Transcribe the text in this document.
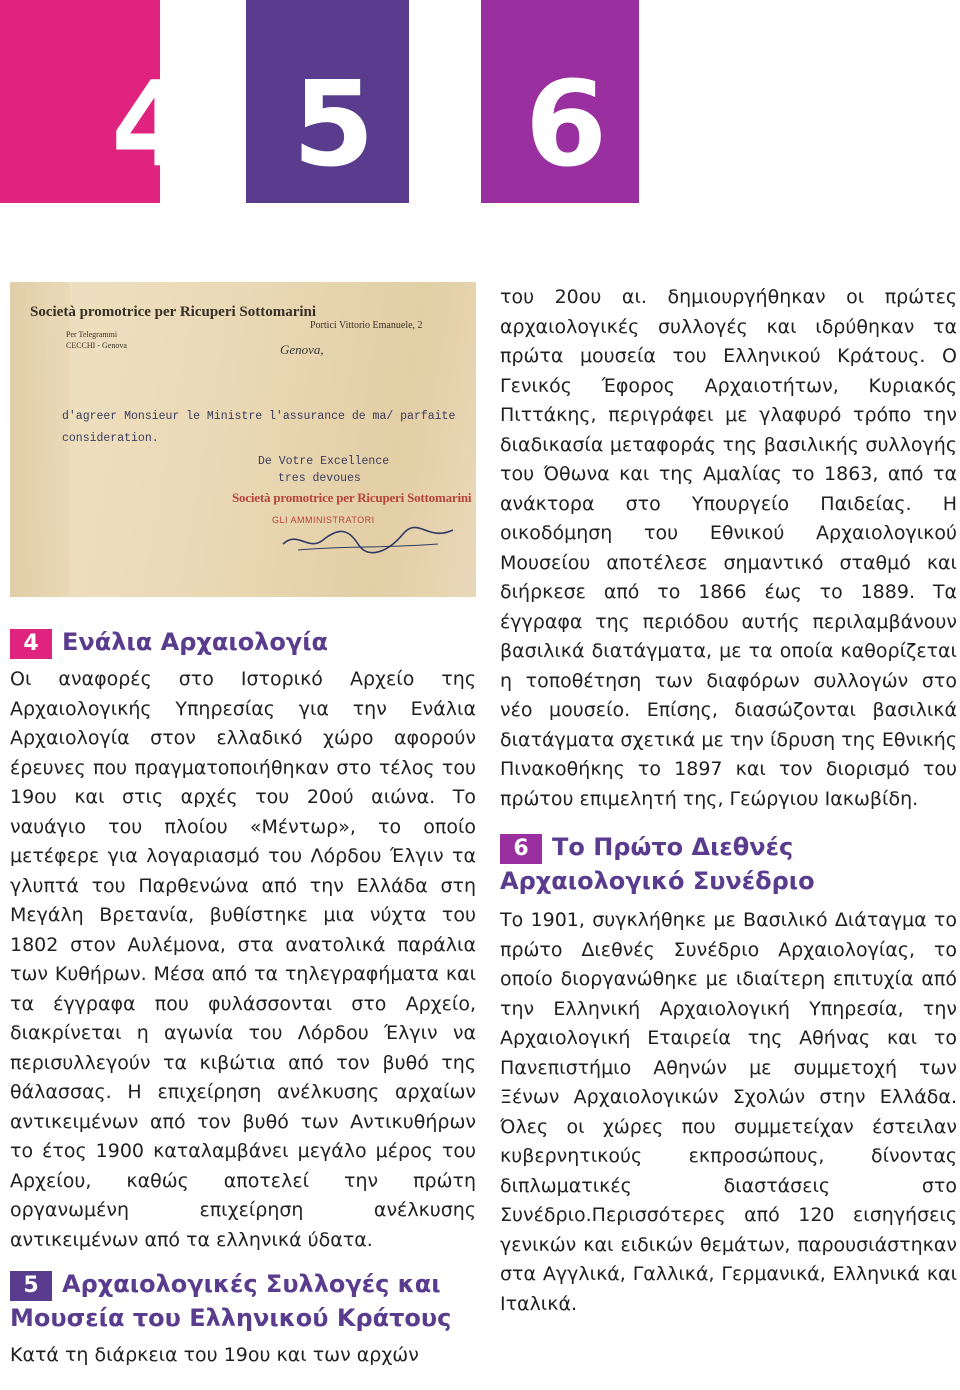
4 5 6
Società promotrice per Ricuperi Sottomarini
Per Telegrammi
CECCHI - Genova
Portici Vittorio Emanuele, 2
Genova,
d'agreer Monsieur le Ministre l'assurance de ma/ parfaite
consideration.
De Votre Excellence
tres devoues
Società promotrice per Ricuperi Sottomarini
GLI AMMINISTRATORI
4 Ενάλια Αρχαιολογία

Οι αναφορές στο Ιστορικό Αρχείο της Αρχαιολογικής Υπηρεσίας για την Ενάλια Αρχαιολογία στον ελλαδικό χώρο αφορούν έρευνες που πραγματοποιήθηκαν στο τέλος του 19ου και στις αρχές του 20ού αιώνα. Το ναυάγιο του πλοίου «Μέντωρ», το οποίο μετέφερε για λογαριασμό του Λόρδου Έλγιν τα γλυπτά του Παρθενώνα από την Ελλάδα στη Μεγάλη Βρετανία, βυθίστηκε μια νύχτα του 1802 στον Αυλέμονα, στα ανατολικά παράλια των Κυθήρων. Μέσα από τα τηλεγραφήματα και τα έγγραφα που φυλάσσονται στο Αρχείο, διακρίνεται η αγωνία του Λόρδου Έλγιν να περισυλλεγούν τα κιβώτια από τον βυθό της θάλασσας. Η επιχείρηση ανέλκυσης αρχαίων αντικειμένων από τον βυθό των Αντικυθήρων το έτος 1900 καταλαμβάνει μεγάλο μέρος του Αρχείου, καθώς αποτελεί την πρώτη οργανωμένη επιχείρηση ανέλκυσης αντικειμένων από τα ελληνικά ύδατα.

5 Αρχαιολογικές Συλλογές και Μουσεία του Ελληνικού Κράτους

Κατά τη διάρκεια του 19ου και των αρχών

του 20ου αι. δημιουργήθηκαν οι πρώτες αρχαιολογικές συλλογές και ιδρύθηκαν τα πρώτα μουσεία του Ελληνικού Κράτους. Ο Γενικός Έφορος Αρχαιοτήτων, Κυριακός Πιττάκης, περιγράφει με γλαφυρό τρόπο την διαδικασία μεταφοράς της βασιλικής συλλογής του Όθωνα και της Αμαλίας το 1863, από τα ανάκτορα στο Υπουργείο Παιδείας. Η οικοδόμηση του Εθνικού Αρχαιολογικού Μουσείου αποτέλεσε σημαντικό σταθμό και διήρκεσε από το 1866 έως το 1889. Τα έγγραφα της περιόδου αυτής περιλαμβάνουν βασιλικά διατάγματα, με τα οποία καθορίζεται η τοποθέτηση των διαφόρων συλλογών στο νέο μουσείο. Επίσης, διασώζονται βασιλικά διατάγματα σχετικά με την ίδρυση της Εθνικής Πινακοθήκης το 1897 και τον διορισμό του πρώτου επιμελητή της, Γεώργιου Ιακωβίδη.

6 Το Πρώτο Διεθνές Αρχαιολογικό Συνέδριο

Το 1901, συγκλήθηκε με Βασιλικό Διάταγμα το πρώτο Διεθνές Συνέδριο Αρχαιολογίας, το οποίο διοργανώθηκε με ιδιαίτερη επιτυχία από την Ελληνική Αρχαιολογική Υπηρεσία, την Αρχαιολογική Εταιρεία της Αθήνας και το Πανεπιστήμιο Αθηνών με συμμετοχή των Ξένων Αρχαιολογικών Σχολών στην Ελλάδα. Όλες οι χώρες που συμμετείχαν έστειλαν κυβερνητικούς εκπροσώπους, δίνοντας διπλωματικές διαστάσεις στο Συνέδριο.Περισσότερες από 120 εισηγήσεις γενικών και ειδικών θεμάτων, παρουσιάστηκαν στα Αγγλικά, Γαλλικά, Γερμανικά, Ελληνικά και Ιταλικά.
